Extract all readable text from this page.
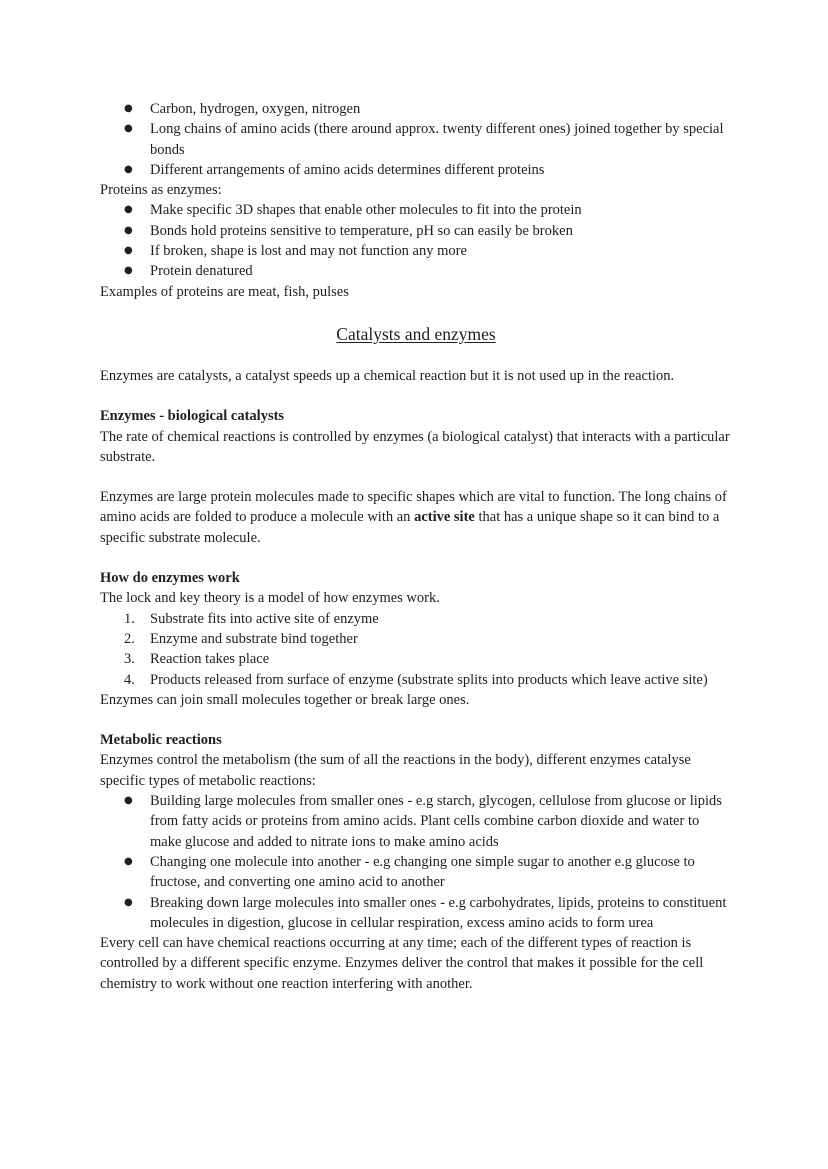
● Carbon, hydrogen, oxygen, nitrogen
● Long chains of amino acids (there around approx. twenty different ones) joined together by special bonds
● Different arrangements of amino acids determines different proteins

Proteins as enzymes:

● Make specific 3D shapes that enable other molecules to fit into the protein
● Bonds hold proteins sensitive to temperature, pH so can easily be broken
● If broken, shape is lost and may not function any more
● Protein denatured

Examples of proteins are meat, fish, pulses

Catalysts and enzymes

Enzymes are catalysts, a catalyst speeds up a chemical reaction but it is not used up in the reaction.

Enzymes - biological catalysts

The rate of chemical reactions is controlled by enzymes (a biological catalyst) that interacts with a particular substrate.

Enzymes are large protein molecules made to specific shapes which are vital to function. The long chains of amino acids are folded to produce a molecule with an active site that has a unique shape so it can bind to a specific substrate molecule.

How do enzymes work

The lock and key theory is a model of how enzymes work.

1. Substrate fits into active site of enzyme
2. Enzyme and substrate bind together
3. Reaction takes place
4. Products released from surface of enzyme (substrate splits into products which leave active site)

Enzymes can join small molecules together or break large ones.

Metabolic reactions

Enzymes control the metabolism (the sum of all the reactions in the body), different enzymes catalyse specific types of metabolic reactions:

● Building large molecules from smaller ones - e.g starch, glycogen, cellulose from glucose or lipids from fatty acids or proteins from amino acids. Plant cells combine carbon dioxide and water to make glucose and added to nitrate ions to make amino acids
● Changing one molecule into another - e.g changing one simple sugar to another e.g glucose to fructose, and converting one amino acid to another
● Breaking down large molecules into smaller ones - e.g carbohydrates, lipids, proteins to constituent molecules in digestion, glucose in cellular respiration, excess amino acids to form urea

Every cell can have chemical reactions occurring at any time; each of the different types of reaction is controlled by a different specific enzyme. Enzymes deliver the control that makes it possible for the cell chemistry to work without one reaction interfering with another.
